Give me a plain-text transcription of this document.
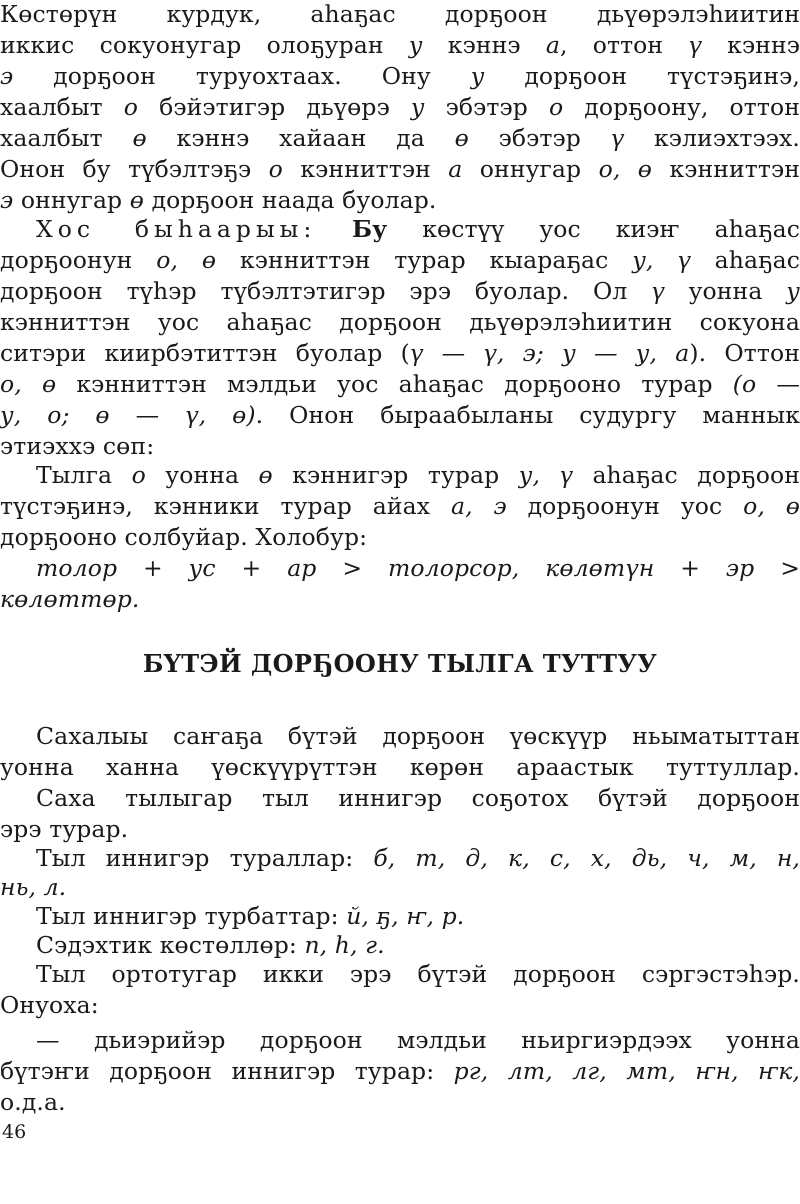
Көстөрүн курдук, аһаҕас дорҕоон дьүөрэлэһиитин
иккис сокуонугар олоҕуран у кэннэ а, оттон ү кэннэ
э дорҕоон туруохтаах. Ону у дорҕоон түстэҕинэ,
хаалбыт о бэйэтигэр дьүөрэ у эбэтэр о дорҕоону, оттон
хаалбыт ө кэннэ хайаан да ө эбэтэр ү кэлиэхтээх.
Онон бу түбэлтэҕэ о кэнниттэн а оннугар о, ө кэнниттэн
э оннугар ө дорҕоон наада буолар.
Хос быһаарыы: Бу көстүү уос киэҥ аһаҕас
дорҕоонун о, ө кэнниттэн турар кыараҕас у, ү аһаҕас
дорҕоон түһэр түбэлтэтигэр эрэ буолар. Ол ү уонна у
кэнниттэн уос аһаҕас дорҕоон дьүөрэлэһиитин сокуона
ситэри киирбэтиттэн буолар (ү — ү, э; у — у, а). Оттон
о, ө кэнниттэн мэлдьи уос аһаҕас дорҕооно турар (о —
у, о; ө — ү, ө). Онон быраабыланы судургу маннык
этиэххэ сөп:
Тылга о уонна ө кэннигэр турар у, ү аһаҕас дорҕоон
түстэҕинэ, кэнники турар айах а, э дорҕоонун уос о, ө
дорҕооно солбуйар. Холобур:
толор + ус + ар > толорсор, көлөтүн + эр >
көлөттөр.
БҮТЭЙ ДОРҔООНУ ТЫЛГА ТУТТУУ
Сахалыы саҥаҕа бүтэй дорҕоон үөскүүр ньыматыттан
уонна ханна үөскүүрүттэн көрөн араастык туттуллар.
Саха тылыгар тыл иннигэр соҕотох бүтэй дорҕоон
эрэ турар.
Тыл иннигэр тураллар: б, т, д, к, с, х, дь, ч, м, н,
нь, л.
Тыл иннигэр турбаттар: й, ҕ, ҥ, р.
Сэдэхтик көстөллөр: п, һ, г.
Тыл ортотугар икки эрэ бүтэй дорҕоон сэргэстэһэр.
Онуоха:
— дьиэрийэр дорҕоон мэлдьи ньиргиэрдээх уонна
бүтэҥи дорҕоон иннигэр турар: рг, лт, лг, мт, ҥн, ҥк,
о.д.а.
46
